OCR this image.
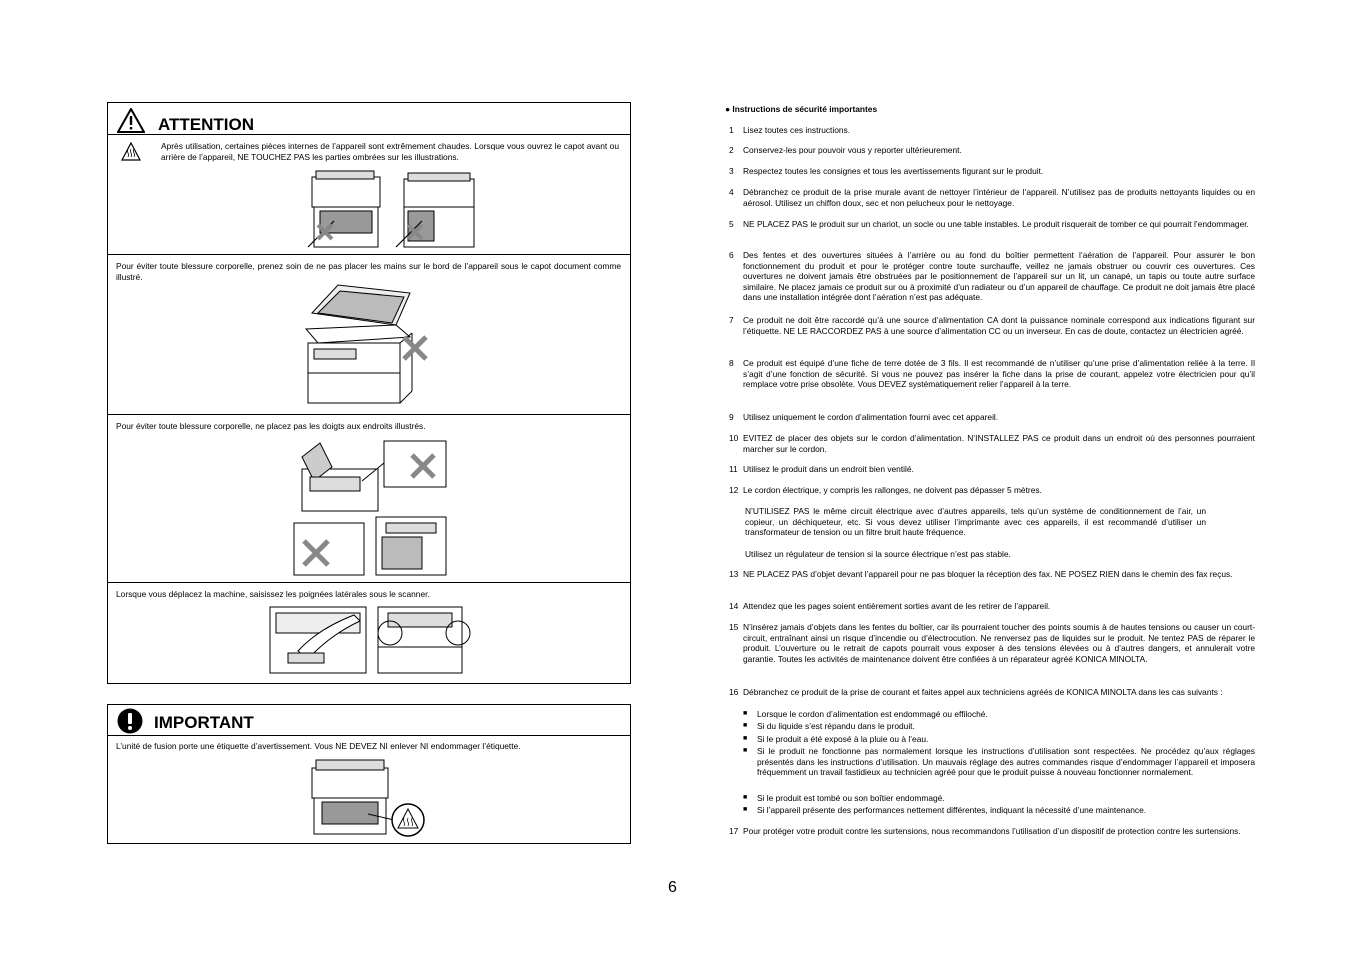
ATTENTION
Après utilisation, certaines pièces internes de l’appareil sont extrêmement chaudes. Lorsque vous ouvrez le capot avant ou arrière de l’appareil, NE TOUCHEZ PAS les parties ombrées sur les illustrations.
Pour éviter toute blessure corporelle, prenez soin de ne pas placer les mains sur le bord de l’appareil sous le capot document comme illustré.
Pour éviter toute blessure corporelle, ne placez pas les doigts aux endroits illustrés.
Lorsque vous déplacez la machine, saisissez les poignées latérales sous le scanner.
IMPORTANT
L’unité de fusion porte une étiquette d’avertissement. Vous NE DEVEZ NI enlever NI endommager l’étiquette.
● Instructions de sécurité importantes
1	Lisez toutes ces instructions.
2	Conservez-les pour pouvoir vous y reporter ultérieurement.
3	Respectez toutes les consignes et tous les avertissements figurant sur le produit.
4	Débranchez ce produit de la prise murale avant de nettoyer l’intérieur de l’appareil. N’utilisez pas de produits nettoyants liquides ou en aérosol. Utilisez un chiffon doux, sec et non pelucheux pour le nettoyage.
5	NE PLACEZ PAS le produit sur un chariot, un socle ou une table instables. Le produit risquerait de tomber ce qui pourrait l’endommager.
6	Des fentes et des ouvertures situées à l’arrière ou au fond du boîtier permettent l’aération de l’appareil. Pour assurer le bon fonctionnement du produit et pour le protéger contre toute surchauffe, veillez ne jamais obstruer ou couvrir ces ouvertures. Ces ouvertures ne doivent jamais être obstruées par le positionnement de l’appareil sur un lit, un canapé, un tapis ou toute autre surface similaire. Ne placez jamais ce produit sur ou à proximité d’un radiateur ou d’un appareil de chauffage. Ce produit ne doit jamais être placé dans une installation intégrée dont l’aération n’est pas adéquate.
7	Ce produit ne doit être raccordé qu’à une source d’alimentation CA dont la puissance nominale correspond aux indications figurant sur l’étiquette. NE LE RACCORDEZ PAS à une source d’alimentation CC ou un inverseur. En cas de doute, contactez un électricien agréé.
8	Ce produit est équipé d’une fiche de terre dotée de 3 fils. Il est recommandé de n’utiliser qu’une prise d’alimentation reliée à la terre. Il s’agit d’une fonction de sécurité. Si vous ne pouvez pas insérer la fiche dans la prise de courant, appelez votre électricien pour qu’il remplace votre prise obsolète. Vous DEVEZ systématiquement relier l’appareil à la terre.
9	Utilisez uniquement le cordon d’alimentation fourni avec cet appareil.
10 EVITEZ de placer des objets sur le cordon d’alimentation. N’INSTALLEZ PAS ce produit dans un endroit où des personnes pourraient marcher sur le cordon.
11 Utilisez le produit dans un endroit bien ventilé.
12 Le cordon électrique, y compris les rallonges, ne doivent pas dépasser 5 mètres.
N’UTILISEZ PAS le même circuit électrique avec d’autres appareils, tels qu’un système de conditionnement de l’air, un copieur, un déchiqueteur, etc. Si vous devez utiliser l’imprimante avec ces appareils, il est recommandé d’utiliser un transformateur de tension ou un filtre bruit haute fréquence.
Utilisez un régulateur de tension si la source électrique n’est pas stable.
13 NE PLACEZ PAS d’objet devant l’appareil pour ne pas bloquer la réception des fax. NE POSEZ RIEN dans le chemin des fax reçus.
14 Attendez que les pages soient entièrement sorties avant de les retirer de l’appareil.
15 N’insérez jamais d’objets dans les fentes du boîtier, car ils pourraient toucher des points soumis à de hautes tensions ou causer un court-circuit, entraînant ainsi un risque d’incendie ou d’électrocution. Ne renversez pas de liquides sur le produit. Ne tentez PAS de réparer le produit. L’ouverture ou le retrait de capots pourrait vous exposer à des tensions élevées ou à d’autres dangers, et annulerait votre garantie. Toutes les activités de maintenance doivent être confiées à un réparateur agréé KONICA MINOLTA.
16 Débranchez ce produit de la prise de courant et faites appel aux techniciens agréés de KONICA MINOLTA dans les cas suivants :
■	Lorsque le cordon d’alimentation est endommagé ou effiloché.
■	Si du liquide s’est répandu dans le produit.
■	Si le produit a été exposé à la pluie ou à l’eau.
■	Si le produit ne fonctionne pas normalement lorsque les instructions d’utilisation sont respectées. Ne procédez qu’aux réglages présentés dans les instructions d’utilisation. Un mauvais réglage des autres commandes risque d’endommager l’appareil et imposera fréquemment un travail fastidieux au technicien agréé pour que le produit puisse à nouveau fonctionner normalement.
■	Si le produit est tombé ou son boîtier endommagé.
■	Si l’appareil présente des performances nettement différentes, indiquant la nécessité d’une maintenance.
17 Pour protéger votre produit contre les surtensions, nous recommandons l’utilisation d’un dispositif de protection contre les surtensions.
6
